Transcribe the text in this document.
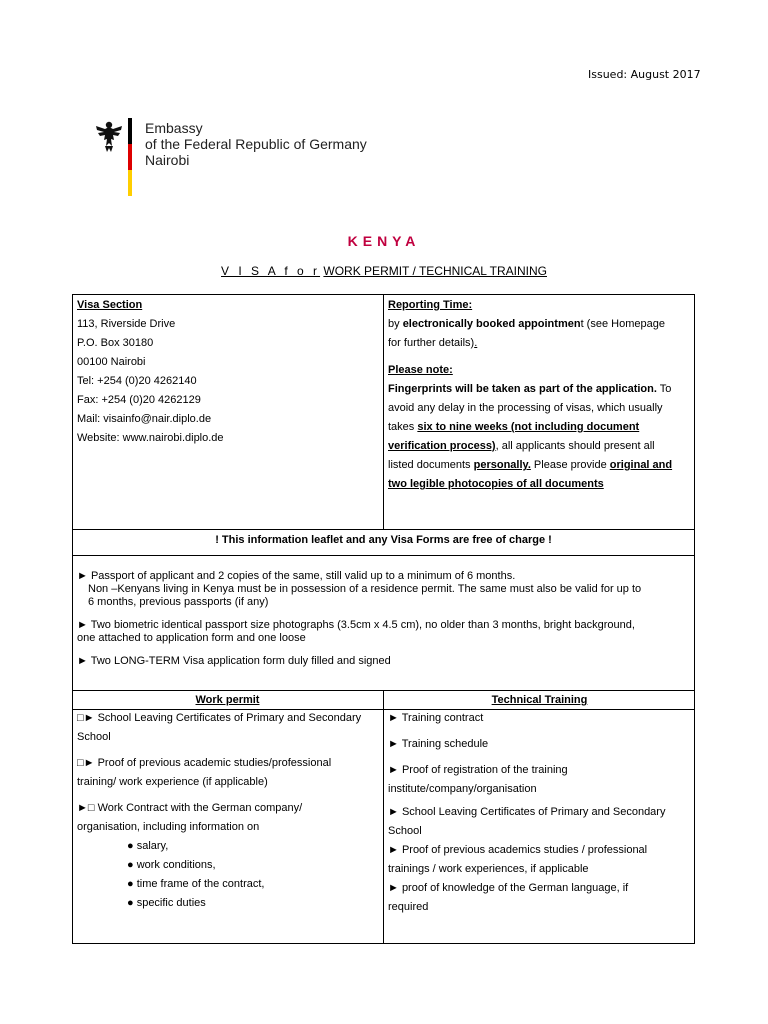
Issued: August 2017
Embassy
of the Federal Republic of Germany
Nairobi
KENYA
V I S A f o r WORK PERMIT / TECHNICAL TRAINING
Visa Section
113, Riverside Drive
P.O. Box 30180
00100 Nairobi
Tel: +254 (0)20 4262140
Fax: +254 (0)20 4262129
Mail: visainfo@nair.diplo.de
Website: www.nairobi.diplo.de
Reporting Time:
by electronically booked appointment (see Homepage
for further details).
Please note:
Fingerprints will be taken as part of the application. To
avoid any delay in the processing of visas, which usually
takes six to nine weeks (not including document
verification process), all applicants should present all
listed documents personally. Please provide original and
two legible photocopies of all documents
! This information leaflet and any Visa Forms are free of charge !
► Passport of applicant and 2 copies of the same, still valid up to a minimum of 6 months.
Non –Kenyans living in Kenya must be in possession of a residence permit. The same must also be valid for up to
6 months, previous passports (if any)
► Two biometric identical passport size photographs (3.5cm x 4.5 cm), no older than 3 months, bright background,
one attached to application form and one loose
► Two LONG-TERM Visa application form duly filled and signed
Work permit	Technical Training
□► School Leaving Certificates of Primary and Secondary
School
□► Proof of previous academic studies/professional
training/ work experience (if applicable)
►□ Work Contract with the German company/
organisation, including information on
● salary,
● work conditions,
● time frame of the contract,
● specific duties
► Training contract
► Training schedule
► Proof of registration of the training
institute/company/organisation
► School Leaving Certificates of Primary and Secondary
School
► Proof of previous academics studies / professional
trainings / work experiences, if applicable
► proof of knowledge of the German language, if
required
